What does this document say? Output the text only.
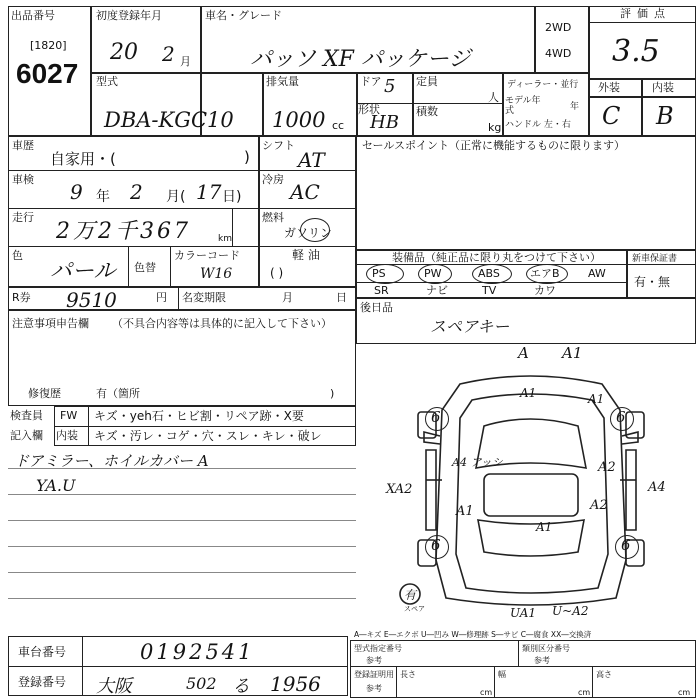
出品番号
[1820]
6027
初度登録年月
20 2 月
車名・グレード
パッソ XF パッケージ
2WD
4WD
評価点
3.5
外装	内装
C B
型式
DBA-KGC10
排気量
1000 cc
ドア 5
形状
HB
定員
人
積数
kg
ディーラー・並行
モデル年式	年
ハンドル 左・右
車歴
自家用・(	)
シフト
AT
セールスポイント（正常に機能するものに限ります）
車検
9 年 2 月( 17 日)
冷房
AC
走行
2万2千367	km
燃料
ガソリン
軽 油
( )
色
パール 色替
カラーコード
W16
R券 9510	円 名変期限	月	日
装備品（純正品に限り丸をつけて下さい）	新車保証書
有・無
PS	PW	ABS	エアB	AW
SR	ナビ	TV	カワ
後日品
スペアキー
注意事項申告欄 （不具合内容等は具体的に記入して下さい）
修復歴	有（箇所	)
検査員
記入欄
FW キズ・yeh石・ヒビ割・リペア跡・X要
内装 キズ・汚レ・コゲ・穴・スレ・キレ・破レ
ドアミラー、ホイルカバー A
YA.U
6	6
6	6
A A1
A1
A1
A1
A1
A2
A2
XA2	A4
UA1 U~A2
有
スペア
A4 アッシ
A―キズ E―エクボ U―凹み W―修理跡 S―サビ C―腐食 XX―交換済
車台番号	0192541
登録番号 大阪	502 る 1956
型式指定番号
参考
類別区分番号
参考
登録証明用
参考
長さ
cm
幅
cm
高さ
cm
